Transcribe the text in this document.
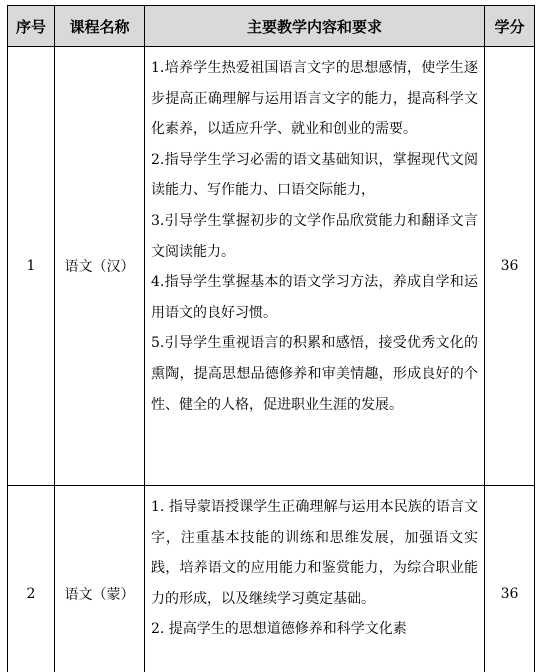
序号	课程名称	主要教学内容和要求	学分
1	语文（汉）	1.培养学生热爱祖国语言文字的思想感情，使学生逐步提高正确理解与运用语言文字的能力，提高科学文化素养，以适应升学、就业和创业的需要。

2.指导学生学习必需的语文基础知识，掌握现代文阅读能力、写作能力、口语交际能力，

3.引导学生掌握初步的文学作品欣赏能力和翻译文言文阅读能力。

4.指导学生掌握基本的语文学习方法，养成自学和运用语文的良好习惯。

5.引导学生重视语言的积累和感悟，接受优秀文化的熏陶，提高思想品德修养和审美情趣，形成良好的个性、健全的人格，促进职业生涯的发展。	36
2	语文（蒙）	1. 指导蒙语授课学生正确理解与运用本民族的语言文字，注重基本技能的训练和思维发展，加强语文实践，培养语文的应用能力和鉴赏能力，为综合职业能力的形成，以及继续学习奠定基础。

2. 提高学生的思想道德修养和科学文化素	36
